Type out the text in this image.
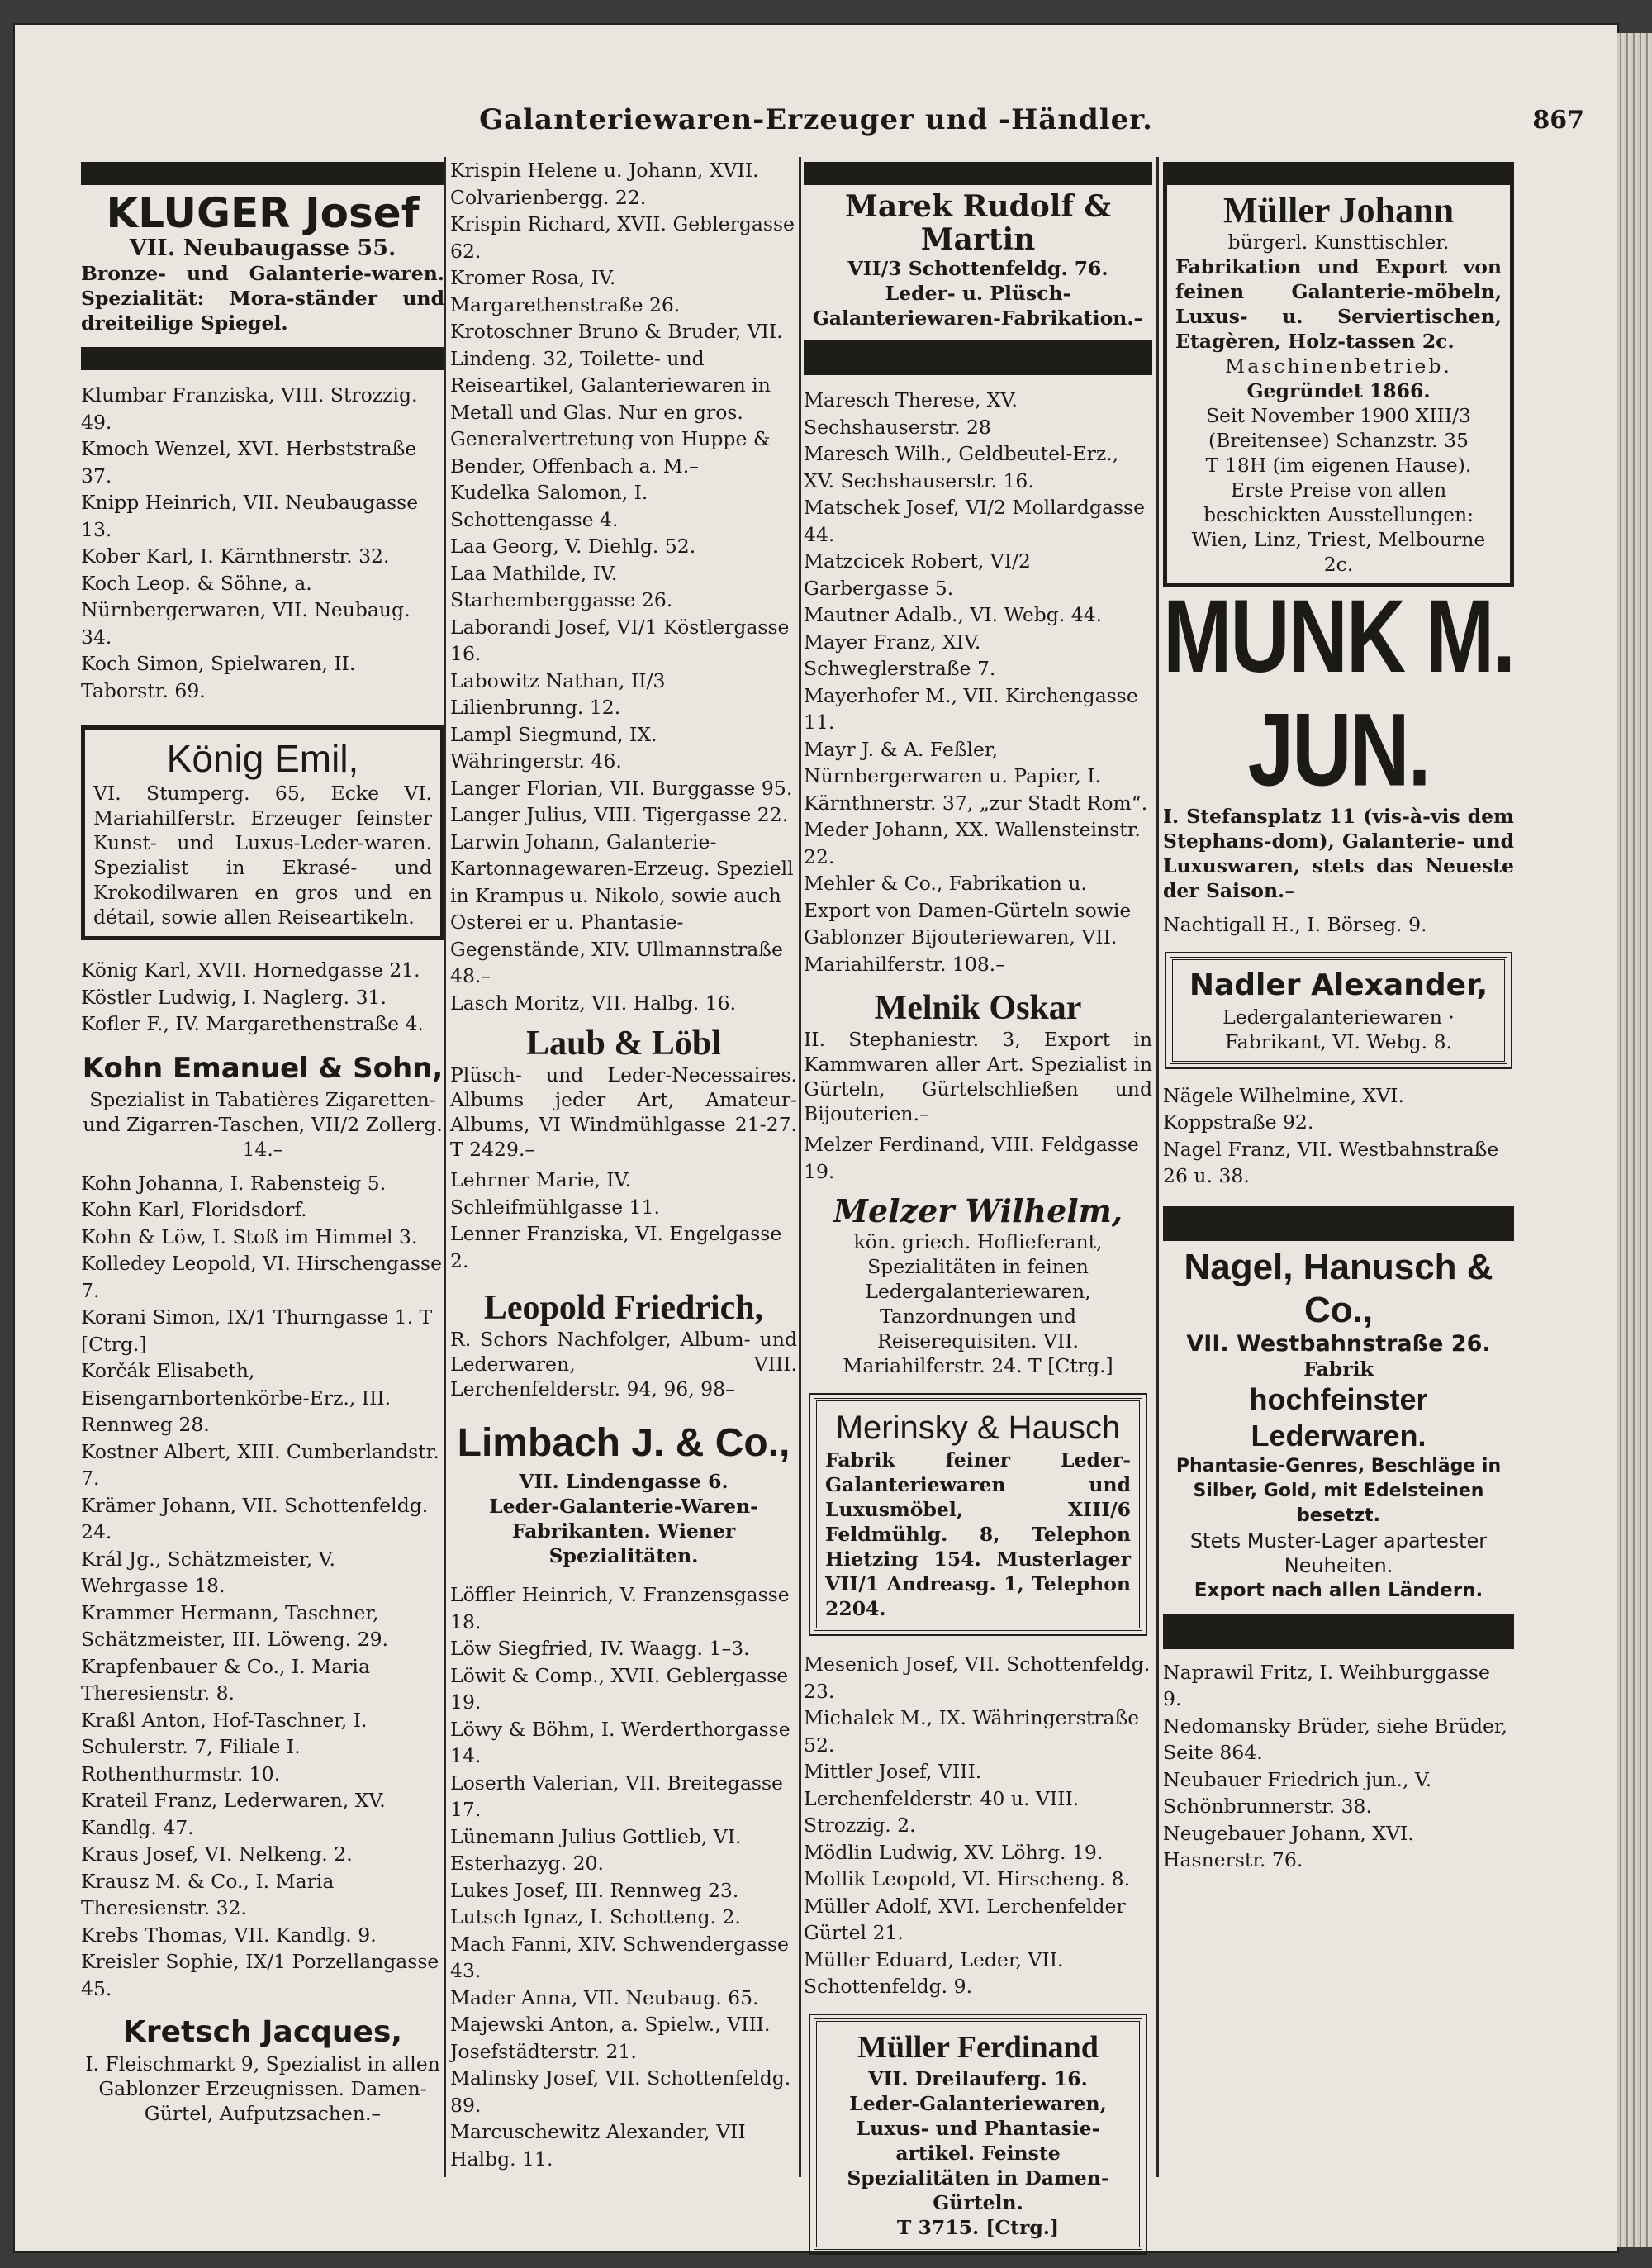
Galanteriewaren-Erzeuger und -Händler.	867
KLUGER Josef
VII. Neubaugasse 55.
Bronze- und Galanterie-waren. Spezialität: Mora-ständer und dreiteilige Spiegel.

Klumbar Franziska, VIII. Strozzig. 49.

Kmoch Wenzel, XVI. Herbststraße 37.

Knipp Heinrich, VII. Neubaugasse 13.

Kober Karl, I. Kärnthnerstr. 32.

Koch Leop. & Söhne, a. Nürnbergerwaren, VII. Neubaug. 34.

Koch Simon, Spielwaren, II. Taborstr. 69.

König Emil,
VI. Stumperg. 65, Ecke VI. Mariahilferstr. Erzeuger feinster Kunst- und Luxus-Leder-waren. Spezialist in Ekrasé- und Krokodilwaren en gros und en détail, sowie allen Reiseartikeln.

König Karl, XVII. Hornedgasse 21.

Köstler Ludwig, I. Naglerg. 31.

Kofler F., IV. Margarethenstraße 4.

Kohn Emanuel & Sohn,
Spezialist in Tabatières Zigaretten- und Zigarren-Taschen, VII/2 Zollerg. 14.–

Kohn Johanna, I. Rabensteig 5.

Kohn Karl, Floridsdorf.

Kohn & Löw, I. Stoß im Himmel 3.

Kolledey Leopold, VI. Hirschengasse 7.

Korani Simon, IX/1 Thurngasse 1. T [Ctrg.]

Korčák Elisabeth, Eisengarnbortenkörbe-Erz., III. Rennweg 28.

Kostner Albert, XIII. Cumberlandstr. 7.

Krämer Johann, VII. Schottenfeldg. 24.

Král Jg., Schätzmeister, V. Wehrgasse 18.

Krammer Hermann, Taschner, Schätzmeister, III. Löweng. 29.

Krapfenbauer & Co., I. Maria Theresienstr. 8.

Kraßl Anton, Hof-Taschner, I. Schulerstr. 7, Filiale I. Rothenthurmstr. 10.

Krateil Franz, Lederwaren, XV. Kandlg. 47.

Kraus Josef, VI. Nelkeng. 2.

Krausz M. & Co., I. Maria Theresienstr. 32.

Krebs Thomas, VII. Kandlg. 9.

Kreisler Sophie, IX/1 Porzellangasse 45.

Kretsch Jacques,
I. Fleischmarkt 9, Spezialist in allen Gablonzer Erzeugnissen. Damen-Gürtel, Aufputzsachen.–

Krispin Helene u. Johann, XVII. Colvarienbergg. 22.

Krispin Richard, XVII. Geblergasse 62.

Kromer Rosa, IV. Margarethenstraße 26.

Krotoschner Bruno & Bruder, VII. Lindeng. 32, Toilette- und Reiseartikel, Galanteriewaren in Metall und Glas. Nur en gros. Generalvertretung von Huppe & Bender, Offenbach a. M.–

Kudelka Salomon, I. Schottengasse 4.

Laa Georg, V. Diehlg. 52.

Laa Mathilde, IV. Starhemberggasse 26.

Laborandi Josef, VI/1 Köstlergasse 16.

Labowitz Nathan, II/3 Lilienbrunng. 12.

Lampl Siegmund, IX. Währingerstr. 46.

Langer Florian, VII. Burggasse 95.

Langer Julius, VIII. Tigergasse 22.

Larwin Johann, Galanterie-Kartonnagewaren-Erzeug. Speziell in Krampus u. Nikolo, sowie auch Osterei er u. Phantasie-Gegenstände, XIV. Ullmannstraße 48.–

Lasch Moritz, VII. Halbg. 16.

Laub & Löbl
Plüsch- und Leder-Necessaires. Albums jeder Art, Amateur-Albums, VI Windmühlgasse 21-27. T 2429.–

Lehrner Marie, IV. Schleifmühlgasse 11.

Lenner Franziska, VI. Engelgasse 2.

Leopold Friedrich,
R. Schors Nachfolger, Album- und Lederwaren, VIII. Lerchenfelderstr. 94, 96, 98–
Limbach J. & Co.,
VII. Lindengasse 6.
Leder-Galanterie-Waren-Fabrikanten. Wiener Spezialitäten.

Löffler Heinrich, V. Franzensgasse 18.

Löw Siegfried, IV. Waagg. 1–3.

Löwit & Comp., XVII. Geblergasse 19.

Löwy & Böhm, I. Werderthorgasse 14.

Loserth Valerian, VII. Breitegasse 17.

Lünemann Julius Gottlieb, VI. Esterhazyg. 20.

Lukes Josef, III. Rennweg 23.

Lutsch Ignaz, I. Schotteng. 2.

Mach Fanni, XIV. Schwendergasse 43.

Mader Anna, VII. Neubaug. 65.

Majewski Anton, a. Spielw., VIII. Josefstädterstr. 21.

Malinsky Josef, VII. Schottenfeldg. 89.

Marcuschewitz Alexander, VII Halbg. 11.

Marek Rudolf & Martin
VII/3 Schottenfeldg. 76.
Leder- u. Plüsch-Galanteriewaren-Fabrikation.–

Maresch Therese, XV. Sechshauserstr. 28

Maresch Wilh., Geldbeutel-Erz., XV. Sechshauserstr. 16.

Matschek Josef, VI/2 Mollardgasse 44.

Matzcicek Robert, VI/2 Garbergasse 5.

Mautner Adalb., VI. Webg. 44.

Mayer Franz, XIV. Schweglerstraße 7.

Mayerhofer M., VII. Kirchengasse 11.

Mayr J. & A. Feßler, Nürnbergerwaren u. Papier, I. Kärnthnerstr. 37, „zur Stadt Rom“.

Meder Johann, XX. Wallensteinstr. 22.

Mehler & Co., Fabrikation u. Export von Damen-Gürteln sowie Gablonzer Bijouteriewaren, VII. Mariahilferstr. 108.–

Melnik Oskar
II. Stephaniestr. 3, Export in Kammwaren aller Art. Spezialist in Gürteln, Gürtelschließen und Bijouterien.–

Melzer Ferdinand, VIII. Feldgasse 19.

Melzer Wilhelm,
kön. griech. Hoflieferant, Spezialitäten in feinen Ledergalanteriewaren, Tanzordnungen und Reiserequisiten. VII. Mariahilferstr. 24. T [Ctrg.]
Merinsky & Hausch
Fabrik feiner Leder-Galanteriewaren und Luxusmöbel, XIII/6 Feldmühlg. 8, Telephon Hietzing 154. Musterlager VII/1 Andreasg. 1, Telephon 2204.

Mesenich Josef, VII. Schottenfeldg. 23.

Michalek M., IX. Währingerstraße 52.

Mittler Josef, VIII. Lerchenfelderstr. 40 u. VIII. Strozzig. 2.

Mödlin Ludwig, XV. Löhrg. 19.

Mollik Leopold, VI. Hirscheng. 8.

Müller Adolf, XVI. Lerchenfelder Gürtel 21.

Müller Eduard, Leder, VII. Schottenfeldg. 9.

Müller Ferdinand
VII. Dreilauferg. 16.
Leder-Galanteriewaren, Luxus- und Phantasie-artikel. Feinste Spezialitäten in Damen-Gürteln.
T 3715. [Ctrg.]
Müller Johann
bürgerl. Kunsttischler.
Fabrikation und Export von feinen Galanterie-möbeln, Luxus- u. Serviertischen, Etagèren, Holz-tassen 2c.
Maschinenbetrieb.
Gegründet 1866.
Seit November 1900 XIII/3 (Breitensee) Schanzstr. 35
T 18H (im eigenen Hause).
Erste Preise von allen beschickten Ausstellungen: Wien, Linz, Triest, Melbourne 2c.
MUNK M. JUN.
I. Stefansplatz 11 (vis-à-vis dem Stephans-dom), Galanterie- und Luxuswaren, stets das Neueste der Saison.–

Nachtigall H., I. Börseg. 9.

Nadler Alexander,
Ledergalanteriewaren · Fabrikant, VI. Webg. 8.

Nägele Wilhelmine, XVI. Koppstraße 92.

Nagel Franz, VII. Westbahnstraße 26 u. 38.

Nagel, Hanusch & Co.,
VII. Westbahnstraße 26.
Fabrik
hochfeinster Lederwaren.
Phantasie-Genres, Beschläge in Silber, Gold, mit Edelsteinen besetzt.
Stets Muster-Lager apartester Neuheiten.
Export nach allen Ländern.

Naprawil Fritz, I. Weihburggasse 9.

Nedomansky Brüder, siehe Brüder, Seite 864.

Neubauer Friedrich jun., V. Schönbrunnerstr. 38.

Neugebauer Johann, XVI. Hasnerstr. 76.
